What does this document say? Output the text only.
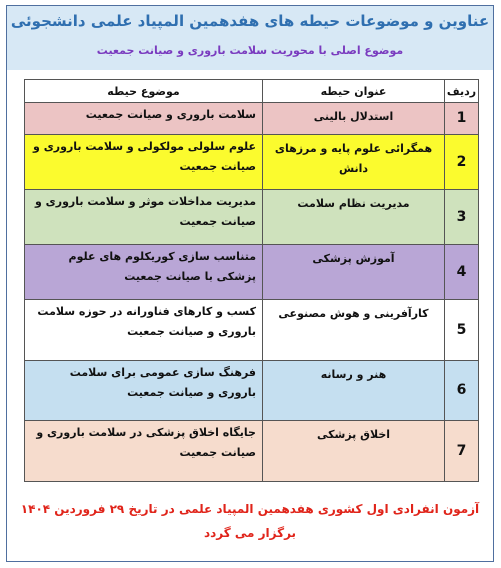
عناوین و موضوعات حیطه های هفدهمین المپیاد علمی دانشجوئی
موضوع اصلی با محوریت سلامت باروری و صیانت جمعیت
ردیف	عنوان حیطه	موضوع حیطه
1	استدلال بالینی	سلامت باروری و صیانت جمعیت
2	همگرائی علوم پایه و مرزهای دانش	علوم سلولی مولکولی و سلامت باروری و صیانت جمعیت
3	مدیریت نظام سلامت	مدیریت مداخلات موثر و سلامت باروری و صیانت جمعیت
4	آموزش پزشکی	متناسب سازی کوریکلوم های علوم پزشکی با صیانت جمعیت
5	کارآفرینی و هوش مصنوعی	کسب و کارهای فناورانه در حوزه سلامت باروری و صیانت جمعیت
6	هنر و رسانه	فرهنگ سازی عمومی برای سلامت باروری و صیانت جمعیت
7	اخلاق پزشکی	جایگاه اخلاق پزشکی در سلامت باروری و صیانت جمعیت
آزمون انفرادی اول کشوری هفدهمین المپیاد علمی در تاریخ ۲۹ فروردین ۱۴۰۴
برگزار می گردد
